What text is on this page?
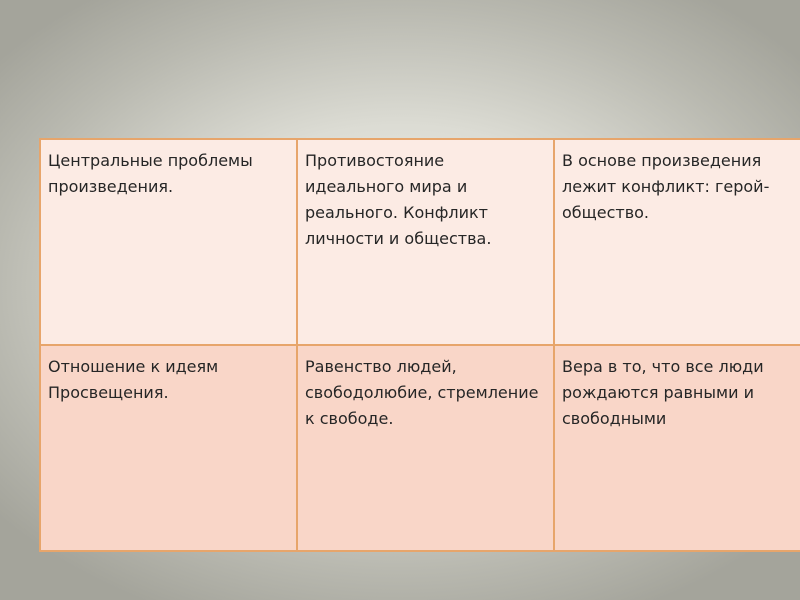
Центральные проблемы произведения.	Противостояние идеального мира и реального. Конфликт личности и общества.	В основе произведения лежит конфликт: герой-общество.
Отношение к идеям Просвещения.	Равенство людей, свободолюбие, стремление к свободе.	Вера в то, что все люди рождаются равными и свободными
